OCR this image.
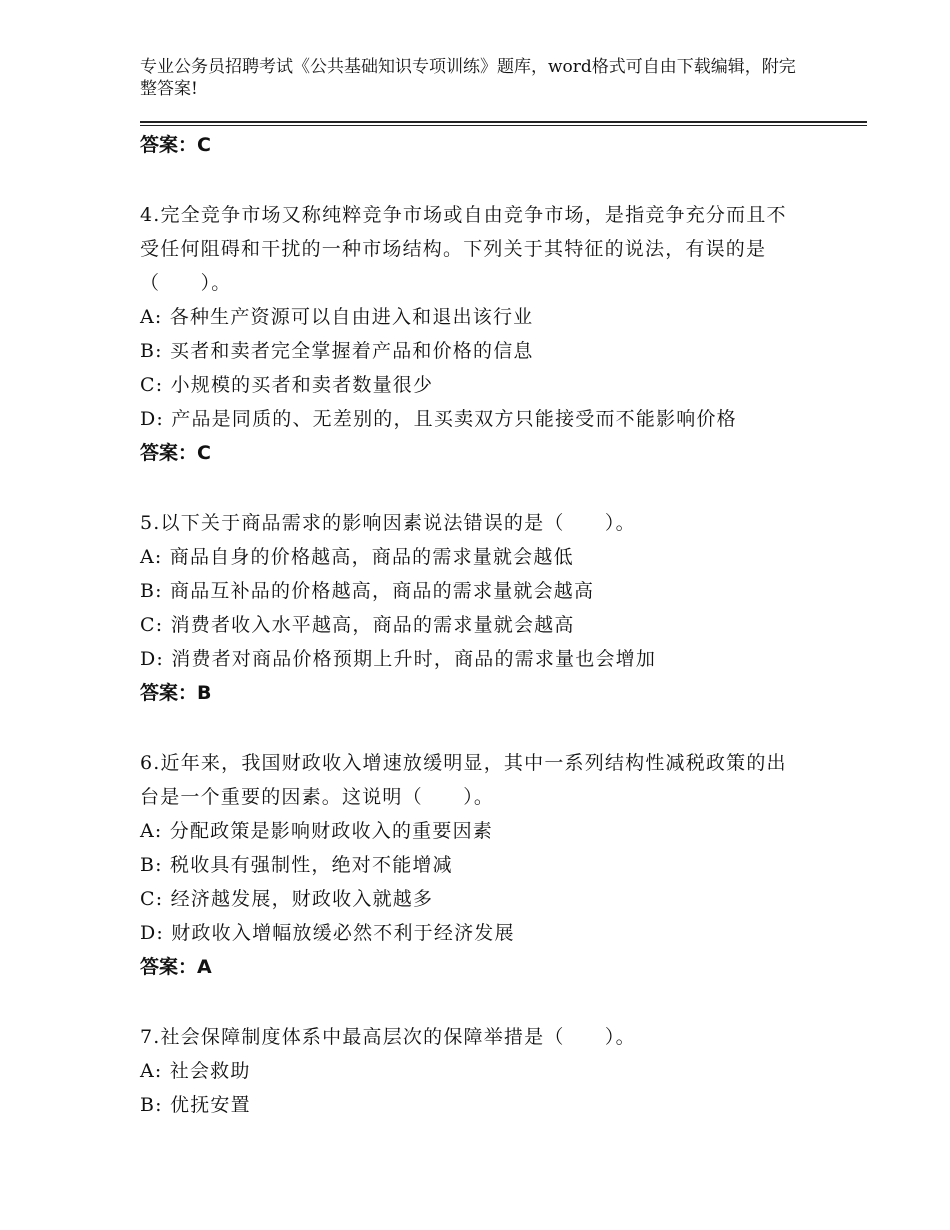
专业公务员招聘考试《公共基础知识专项训练》题库，word格式可自由下载编辑，附完整答案!
答案：C
4.完全竞争市场又称纯粹竞争市场或自由竞争市场，是指竞争充分而且不受任何阻碍和干扰的一种市场结构。下列关于其特征的说法，有误的是（　　）。
A: 各种生产资源可以自由进入和退出该行业
B: 买者和卖者完全掌握着产品和价格的信息
C: 小规模的买者和卖者数量很少
D: 产品是同质的、无差别的，且买卖双方只能接受而不能影响价格
答案：C
5.以下关于商品需求的影响因素说法错误的是（　　）。
A: 商品自身的价格越高，商品的需求量就会越低
B: 商品互补品的价格越高，商品的需求量就会越高
C: 消费者收入水平越高，商品的需求量就会越高
D: 消费者对商品价格预期上升时，商品的需求量也会增加
答案：B
6.近年来，我国财政收入增速放缓明显，其中一系列结构性减税政策的出台是一个重要的因素。这说明（　　）。
A: 分配政策是影响财政收入的重要因素
B: 税收具有强制性，绝对不能增减
C: 经济越发展，财政收入就越多
D: 财政收入增幅放缓必然不利于经济发展
答案：A
7.社会保障制度体系中最高层次的保障举措是（　　）。
A: 社会救助
B: 优抚安置
